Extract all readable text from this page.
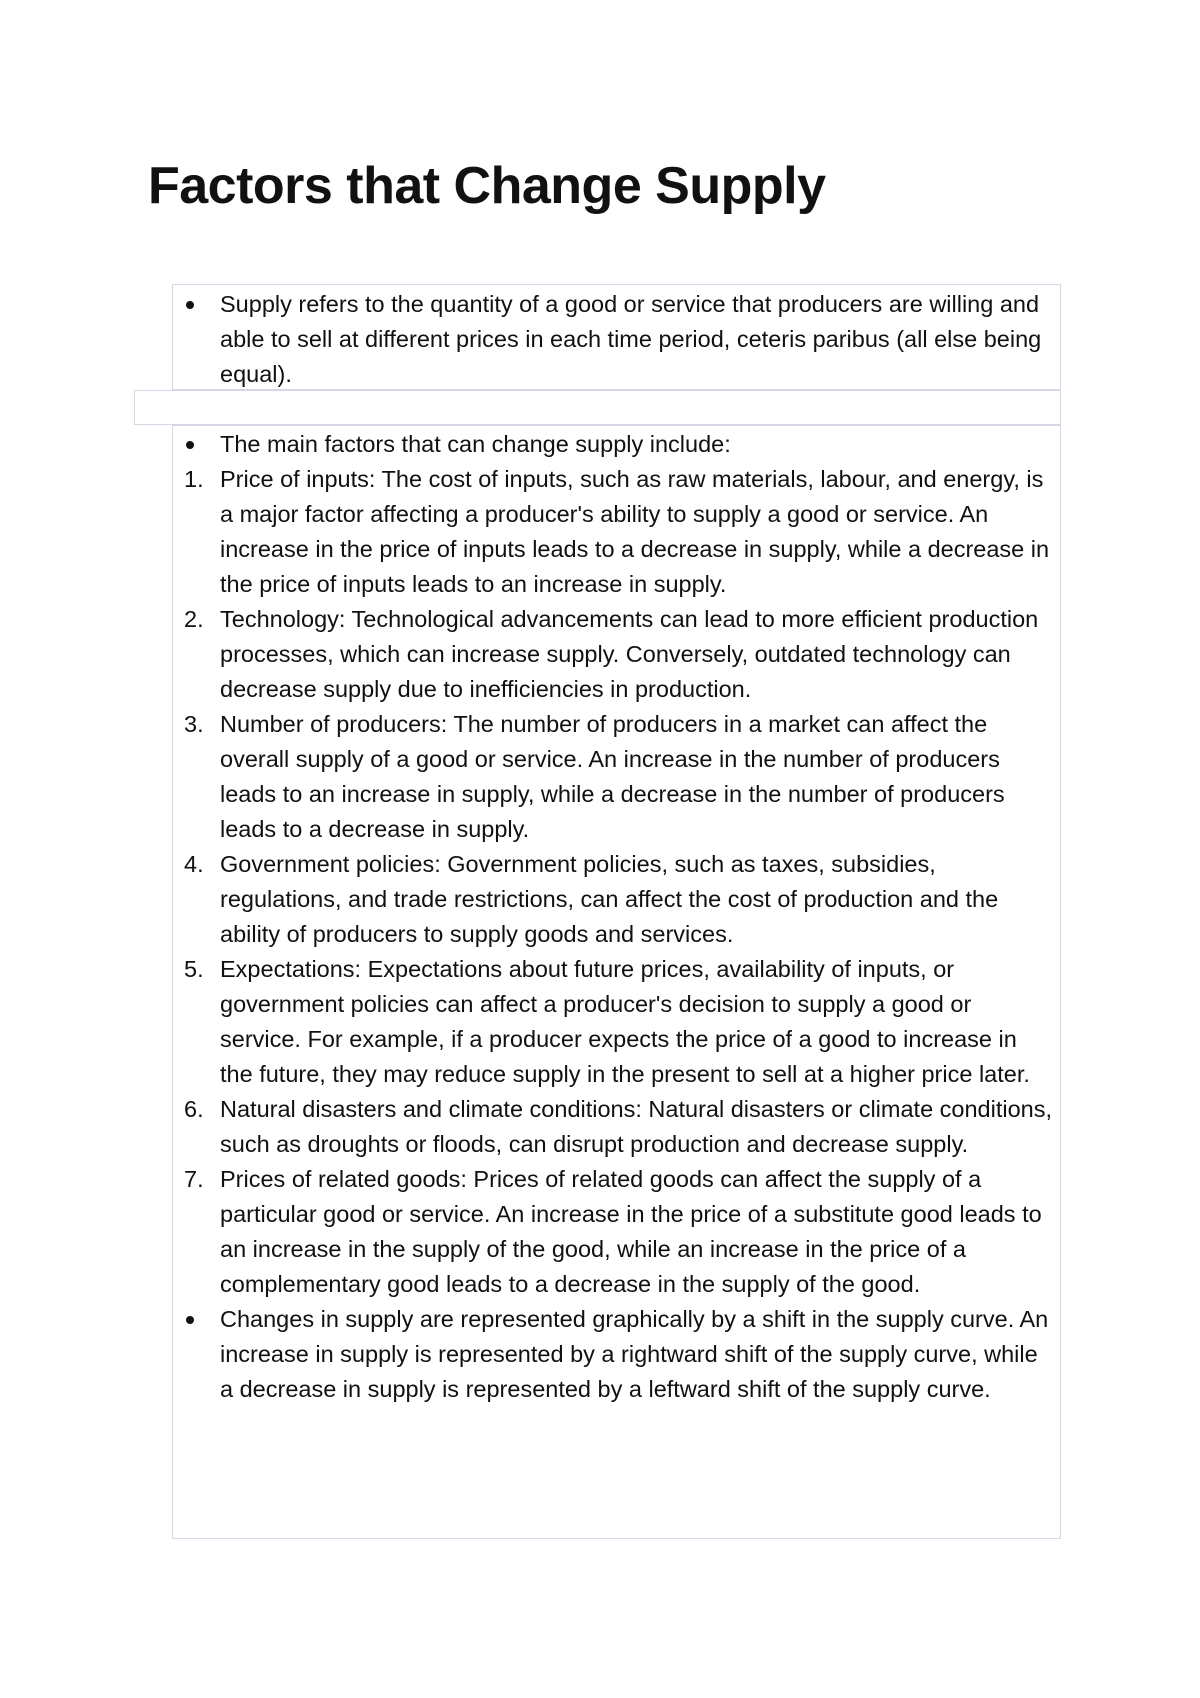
Factors that Change Supply
Supply refers to the quantity of a good or service that producers are willing and able to sell at different prices in each time period, ceteris paribus (all else being equal).
The main factors that can change supply include:
1. Price of inputs: The cost of inputs, such as raw materials, labour, and energy, is a major factor affecting a producer's ability to supply a good or service. An increase in the price of inputs leads to a decrease in supply, while a decrease in the price of inputs leads to an increase in supply.
2. Technology: Technological advancements can lead to more efficient production processes, which can increase supply. Conversely, outdated technology can decrease supply due to inefficiencies in production.
3. Number of producers: The number of producers in a market can affect the overall supply of a good or service. An increase in the number of producers leads to an increase in supply, while a decrease in the number of producers leads to a decrease in supply.
4. Government policies: Government policies, such as taxes, subsidies, regulations, and trade restrictions, can affect the cost of production and the ability of producers to supply goods and services.
5. Expectations: Expectations about future prices, availability of inputs, or government policies can affect a producer's decision to supply a good or service. For example, if a producer expects the price of a good to increase in the future, they may reduce supply in the present to sell at a higher price later.
6. Natural disasters and climate conditions: Natural disasters or climate conditions, such as droughts or floods, can disrupt production and decrease supply.
7. Prices of related goods: Prices of related goods can affect the supply of a particular good or service. An increase in the price of a substitute good leads to an increase in the supply of the good, while an increase in the price of a complementary good leads to a decrease in the supply of the good.
Changes in supply are represented graphically by a shift in the supply curve. An increase in supply is represented by a rightward shift of the supply curve, while a decrease in supply is represented by a leftward shift of the supply curve.
